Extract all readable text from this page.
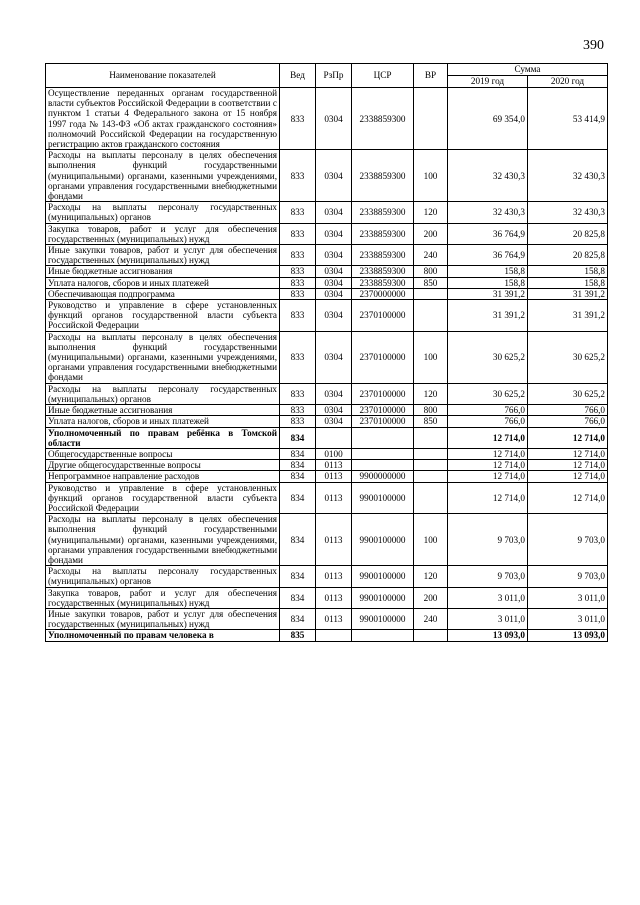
390
Наименование показателей	Вед	РзПр	ЦСР	ВР	Сумма	
					2019 год	2020 год
Осуществление переданных органам государственной власти субъектов Российской Федерации в соответствии с пунктом 1 статьи 4 Федерального закона от 15 ноября 1997 года № 143-ФЗ «Об актах гражданского состояния» полномочий Российской Федерации на государственную регистрацию актов гражданского состояния	833	0304	2338859300		69 354,0	53 414,9
Расходы на выплаты персоналу в целях обеспечения выполнения функций государственными (муниципальными) органами, казенными учреждениями, органами управления государственными внебюджетными фондами	833	0304	2338859300	100	32 430,3	32 430,3
Расходы на выплаты персоналу государственных (муниципальных) органов	833	0304	2338859300	120	32 430,3	32 430,3
Закупка товаров, работ и услуг для обеспечения государственных (муниципальных) нужд	833	0304	2338859300	200	36 764,9	20 825,8
Иные закупки товаров, работ и услуг для обеспечения государственных (муниципальных) нужд	833	0304	2338859300	240	36 764,9	20 825,8
Иные бюджетные ассигнования	833	0304	2338859300	800	158,8	158,8
Уплата налогов, сборов и иных платежей	833	0304	2338859300	850	158,8	158,8
Обеспечивающая подпрограмма	833	0304	2370000000		31 391,2	31 391,2
Руководство и управление в сфере установленных функций органов государственной власти субъекта Российской Федерации	833	0304	2370100000		31 391,2	31 391,2
Расходы на выплаты персоналу в целях обеспечения выполнения функций государственными (муниципальными) органами, казенными учреждениями, органами управления государственными внебюджетными фондами	833	0304	2370100000	100	30 625,2	30 625,2
Расходы на выплаты персоналу государственных (муниципальных) органов	833	0304	2370100000	120	30 625,2	30 625,2
Иные бюджетные ассигнования	833	0304	2370100000	800	766,0	766,0
Уплата налогов, сборов и иных платежей	833	0304	2370100000	850	766,0	766,0
Уполномоченный по правам ребёнка в Томской области	834				12 714,0	12 714,0
Общегосударственные вопросы	834	0100			12 714,0	12 714,0
Другие общегосударственные вопросы	834	0113			12 714,0	12 714,0
Непрограммное направление расходов	834	0113	9900000000		12 714,0	12 714,0
Руководство и управление в сфере установленных функций органов государственной власти субъекта Российской Федерации	834	0113	9900100000		12 714,0	12 714,0
Расходы на выплаты персоналу в целях обеспечения выполнения функций государственными (муниципальными) органами, казенными учреждениями, органами управления государственными внебюджетными фондами	834	0113	9900100000	100	9 703,0	9 703,0
Расходы на выплаты персоналу государственных (муниципальных) органов	834	0113	9900100000	120	9 703,0	9 703,0
Закупка товаров, работ и услуг для обеспечения государственных (муниципальных) нужд	834	0113	9900100000	200	3 011,0	3 011,0
Иные закупки товаров, работ и услуг для обеспечения государственных (муниципальных) нужд	834	0113	9900100000	240	3 011,0	3 011,0
Уполномоченный по правам человека в	835				13 093,0	13 093,0
